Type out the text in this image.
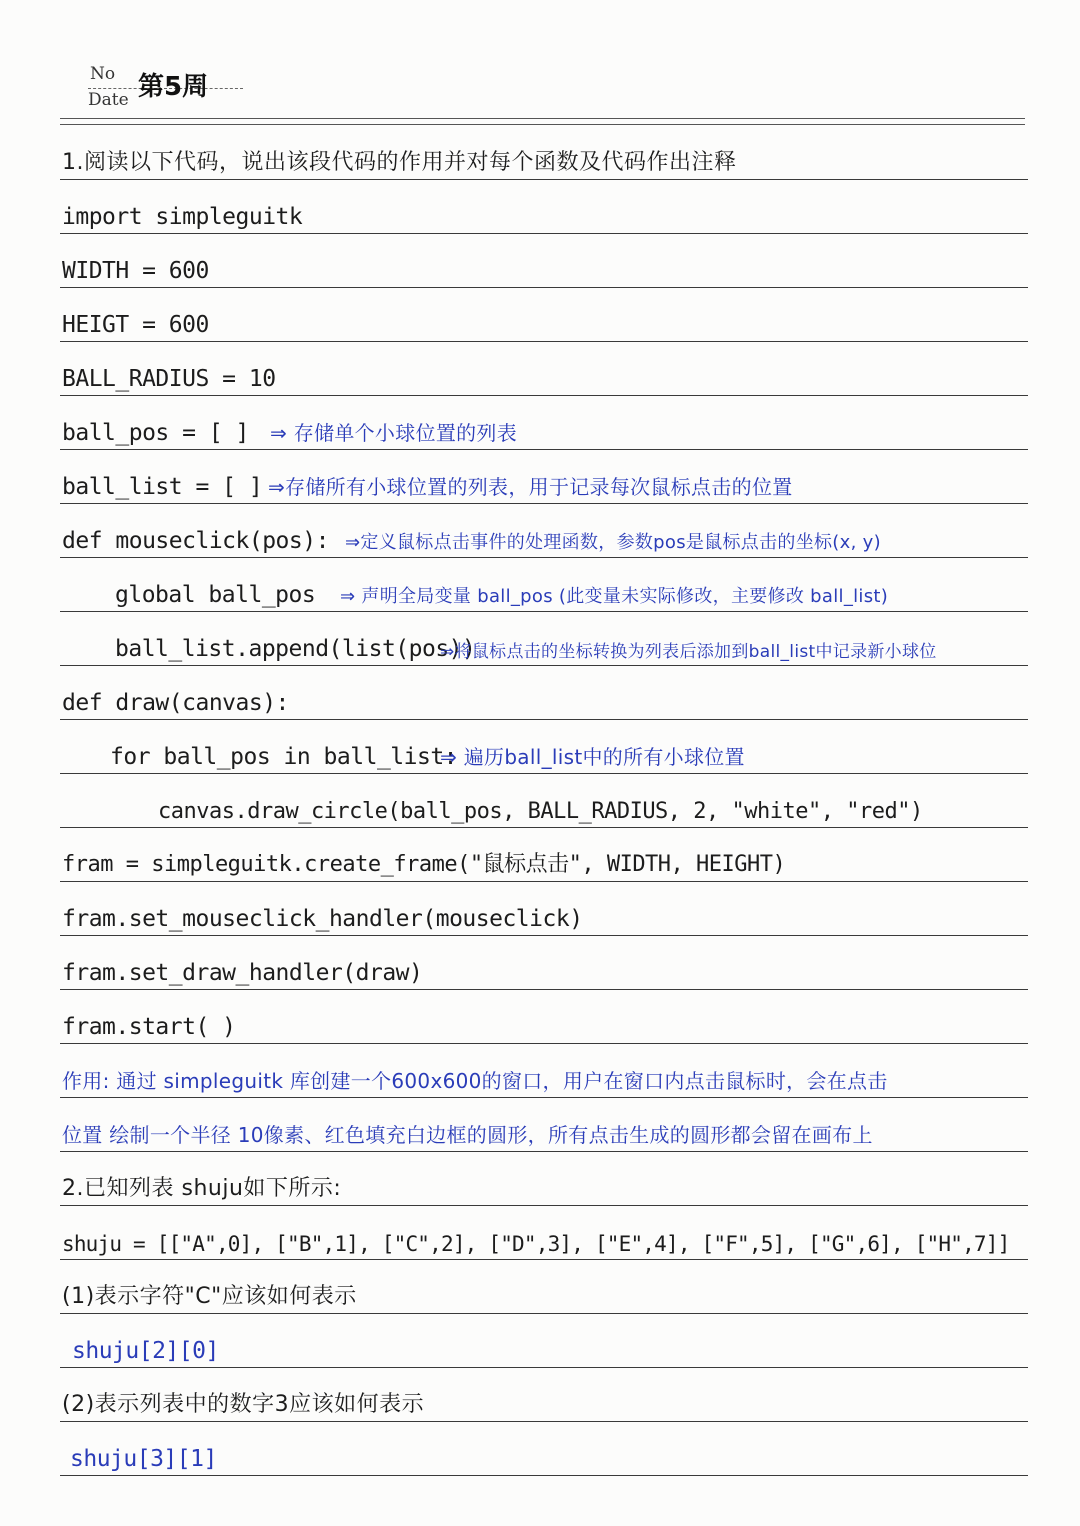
No
Date 第5周
1.阅读以下代码，说出该段代码的作用并对每个函数及代码作出注释
import simpleguitk
WIDTH = 600
HEIGT = 600
BALL_RADIUS = 10
ball_pos = [ ] ⇒ 存储单个小球位置的列表
ball_list = [ ] ⇒存储所有小球位置的列表，用于记录每次鼠标点击的位置
def mouseclick(pos): ⇒定义鼠标点击事件的处理函数，参数pos是鼠标点击的坐标(x, y)
global ball_pos ⇒ 声明全局变量 ball_pos (此变量未实际修改，主要修改 ball_list)
ball_list.append(list(pos))
⇒将鼠标点击的坐标转换为列表后添加到ball_list中记录新小球位
def draw(canvas):
for ball_pos in ball_list:
⇒ 遍历ball_list中的所有小球位置
canvas.draw_circle(ball_pos, BALL_RADIUS, 2, "white", "red")
fram = simpleguitk.create_frame("鼠标点击", WIDTH, HEIGHT)
fram.set_mouseclick_handler(mouseclick)
fram.set_draw_handler(draw)
fram.start( )
作用: 通过 simpleguitk 库创建一个600x600的窗口，用户在窗口内点击鼠标时，会在点击
位置 绘制一个半径 10像素、红色填充白边框的圆形，所有点击生成的圆形都会留在画布上
2.已知列表 shuju如下所示:
shuju = [["A",0], ["B",1], ["C",2], ["D",3], ["E",4], ["F",5], ["G",6], ["H",7]]
(1)表示字符"C"应该如何表示
shuju[2][0]
(2)表示列表中的数字3应该如何表示
shuju[3][1]
